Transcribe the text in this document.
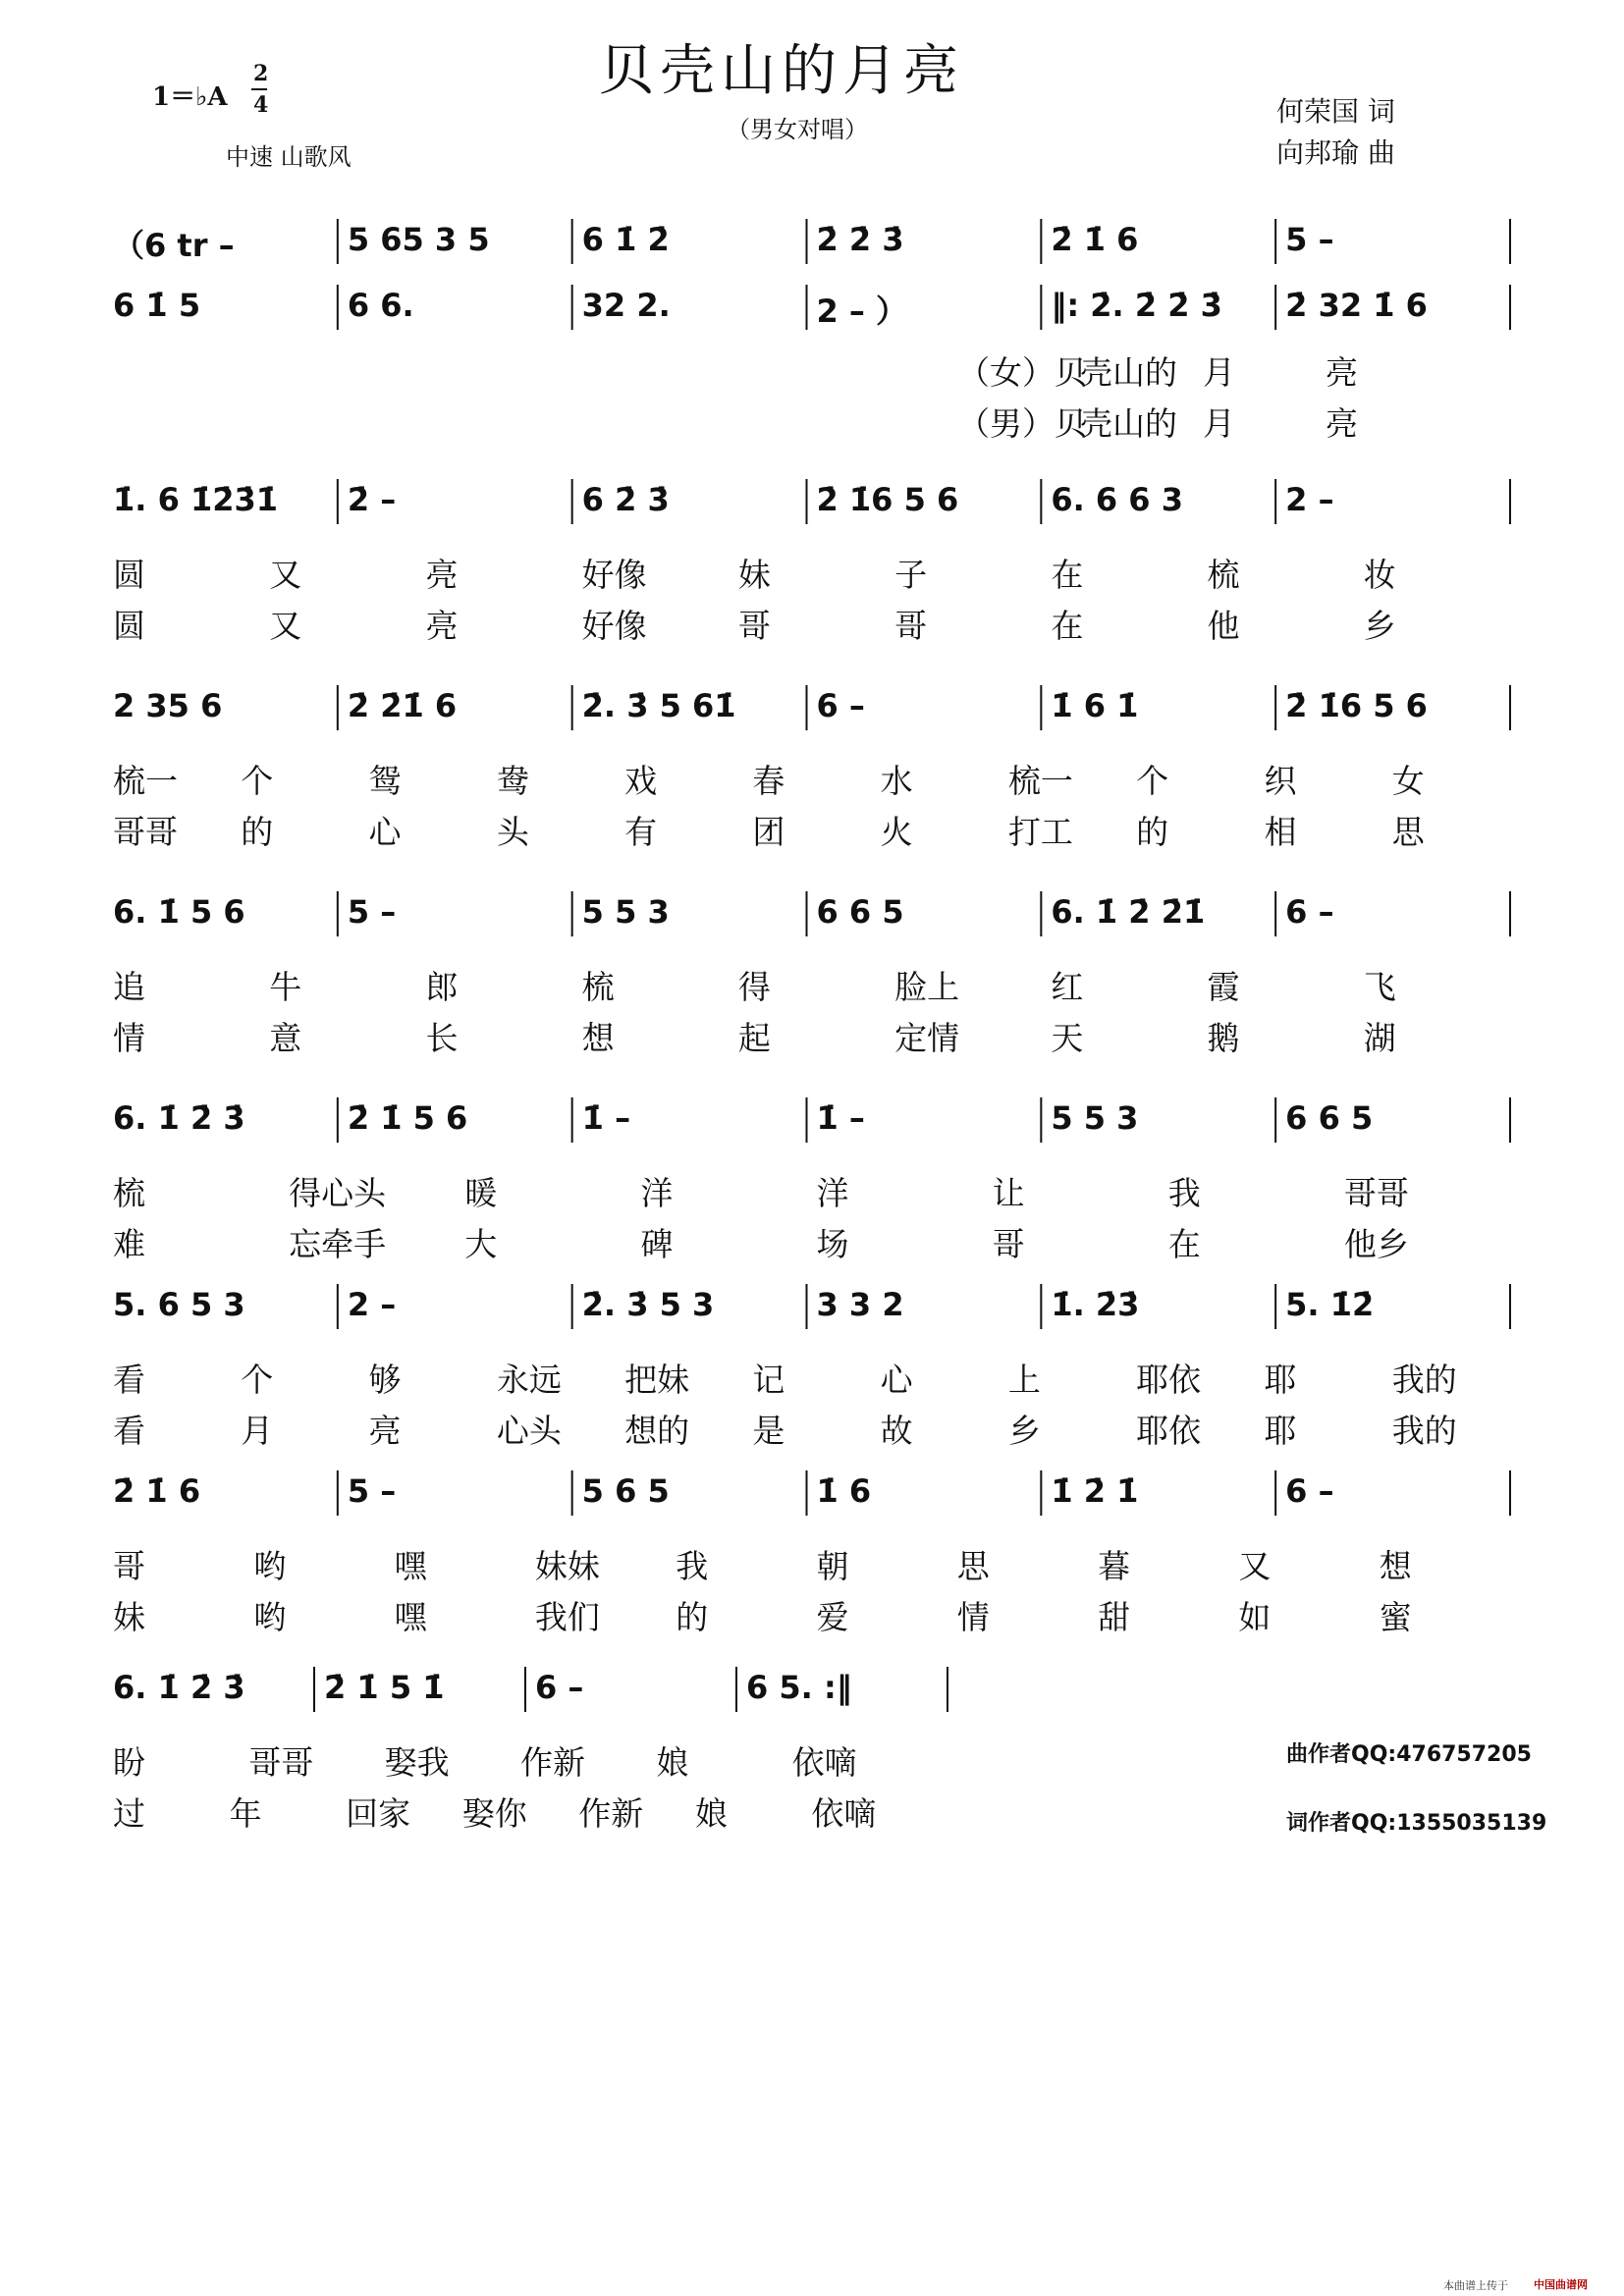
贝壳山的月亮
（男女对唱）
1＝♭A
2
4
中速 山歌风
何荣国 词
向邦瑜 曲
（6 tr –	5 65 3 5	6 1̇ 2̇	2̇ 2̇ 3̇	2̇ 1̇ 6	5 –
6 1̇ 5	6 6.	32 2.	2 – ）	‖: 2̇. 2̇ 2̇ 3̇ 2̇ 32 1̇ 6
（女）贝
壳山的 月	亮
（男）贝
壳山的 月	亮
1̇. 6 1̇2̇3̇1̇ 2̇ –	6 2̇ 3̇	2̇ 1̇6 5 6	6. 6 6 3	2 –
圆	又	亮	好像	妹	子	在	梳	妆
圆	又	亮	好像	哥	哥	在	他	乡
2 35 6	2̇ 2̇1̇ 6	2̇. 3̇ 5 61̇	6 –	1̇ 6 1̇	2̇ 1̇6 5 6
梳一 个	鸳	鸯	戏	春	水	梳一 个	织	女
哥哥 的	心	头	有	团	火	打工 的	相	思
6. 1̇ 5 6	5 –	5 5 3	6 6 5	6. 1̇ 2̇ 2̇1̇	6 –
追	牛	郎	梳	得	脸上	红	霞	飞
情	意	长	想	起	定情	天	鹅	湖
6. 1̇ 2̇ 3̇	2̇ 1̇ 5 6	1̇ –	1̇ –	5 5 3	6 6 5
梳	得心头 暖	洋	洋	让	我	哥哥
难	忘牵手 大	碑	场	哥	在	他乡
5. 6 5 3	2 –	2̇. 3̇ 5 3	3 3 2	1̇. 2̇3̇	5. 1̇2̇
看	个	够	永远 把妹 记	心	上	耶依 耶	我的
看	月	亮	心头 想的 是	故	乡	耶依 耶	我的
2̇ 1̇ 6	5 –	5 6 5	1̇ 6	1̇ 2̇ 1̇	6 –
哥	哟	嘿	妹妹 我	朝	思	暮	又	想
妹	哟	嘿	我们 的	爱	情	甜	如	蜜
6. 1̇ 2̇ 3̇	2̇ 1̇ 5 1̇	6 –	6 5. :‖
盼	哥哥 娶我 作新 娘	依嘀
过	年	回家 娶你 作新 娘	依嘀
曲作者QQ:476757205
词作者QQ:1355035139
本曲谱上传于 中国曲谱网
